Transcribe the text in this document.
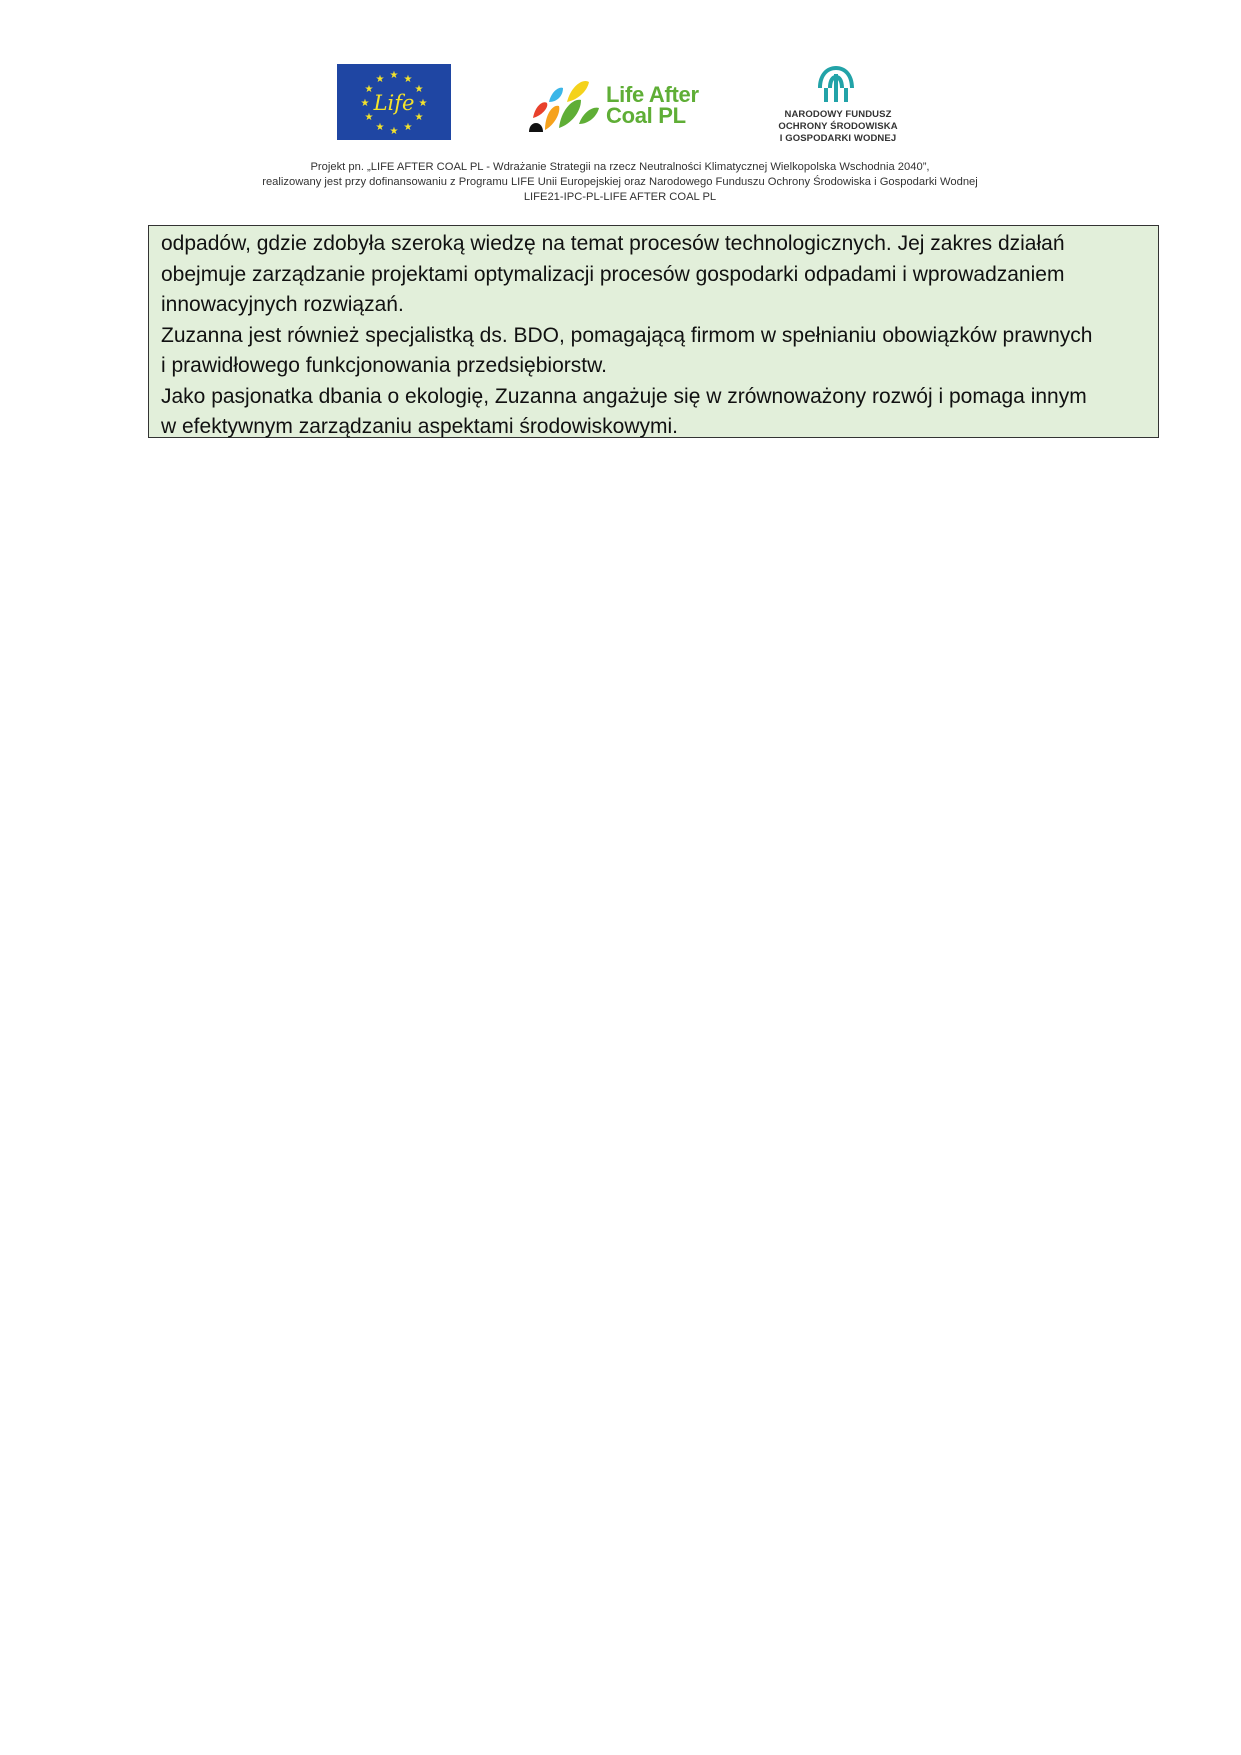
★ ★
★
★
★
★
★
★
★
★
★
★
Life	Life After
Coal PL	NARODOWY FUNDUSZ
OCHRONY ŚRODOWISKA
I GOSPODARKI WODNEJ
Projekt pn. „LIFE AFTER COAL PL - Wdrażanie Strategii na rzecz Neutralności Klimatycznej Wielkopolska Wschodnia 2040”,
realizowany jest przy dofinansowaniu z Programu LIFE Unii Europejskiej oraz Narodowego Funduszu Ochrony Środowiska i Gospodarki Wodnej
LIFE21-IPC-PL-LIFE AFTER COAL PL
odpadów, gdzie zdobyła szeroką wiedzę na temat procesów technologicznych. Jej zakres działań
obejmuje zarządzanie projektami optymalizacji procesów gospodarki odpadami i wprowadzaniem
innowacyjnych rozwiązań.
Zuzanna jest również specjalistką ds. BDO, pomagającą firmom w spełnianiu obowiązków prawnych
i prawidłowego funkcjonowania przedsiębiorstw.
Jako pasjonatka dbania o ekologię, Zuzanna angażuje się w zrównoważony rozwój i pomaga innym
w efektywnym zarządzaniu aspektami środowiskowymi.
